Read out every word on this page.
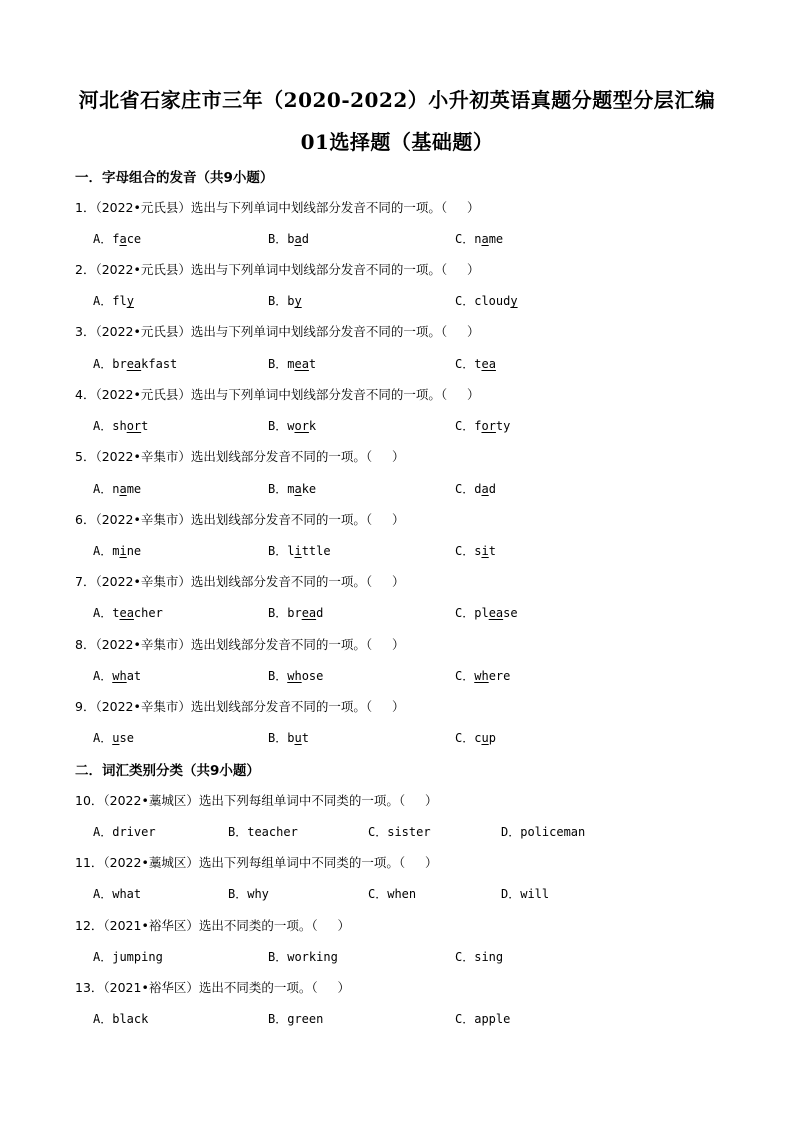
河北省石家庄市三年（2020-2022）小升初英语真题分题型分层汇编
01选择题（基础题）
一．字母组合的发音（共9小题）
1．（2022•元氏县）选出与下列单词中划线部分发音不同的一项。（     ）
A．face	B．bad	C．name
2．（2022•元氏县）选出与下列单词中划线部分发音不同的一项。（     ）
A．fly	B．by	C．cloudy
3．（2022•元氏县）选出与下列单词中划线部分发音不同的一项。（     ）
A．breakfast	B．meat	C．tea
4．（2022•元氏县）选出与下列单词中划线部分发音不同的一项。（     ）
A．short	B．work	C．forty
5．（2022•辛集市）选出划线部分发音不同的一项。（     ）
A．name	B．make	C．dad
6．（2022•辛集市）选出划线部分发音不同的一项。（     ）
A．mine	B．little	C．sit
7．（2022•辛集市）选出划线部分发音不同的一项。（     ）
A．teacher	B．bread	C．please
8．（2022•辛集市）选出划线部分发音不同的一项。（     ）
A．what	B．whose	C．where
9．（2022•辛集市）选出划线部分发音不同的一项。（     ）
A．use	B．but	C．cup
二．词汇类别分类（共9小题）
10．（2022•藁城区）选出下列每组单词中不同类的一项。（     ）
A．driver	B．teacher	C．sister	D．policeman
11．（2022•藁城区）选出下列每组单词中不同类的一项。（     ）
A．what	B．why	C．when	D．will
12．（2021•裕华区）选出不同类的一项。（     ）
A．jumping	B．working	C．sing
13．（2021•裕华区）选出不同类的一项。（     ）
A．black	B．green	C．apple
